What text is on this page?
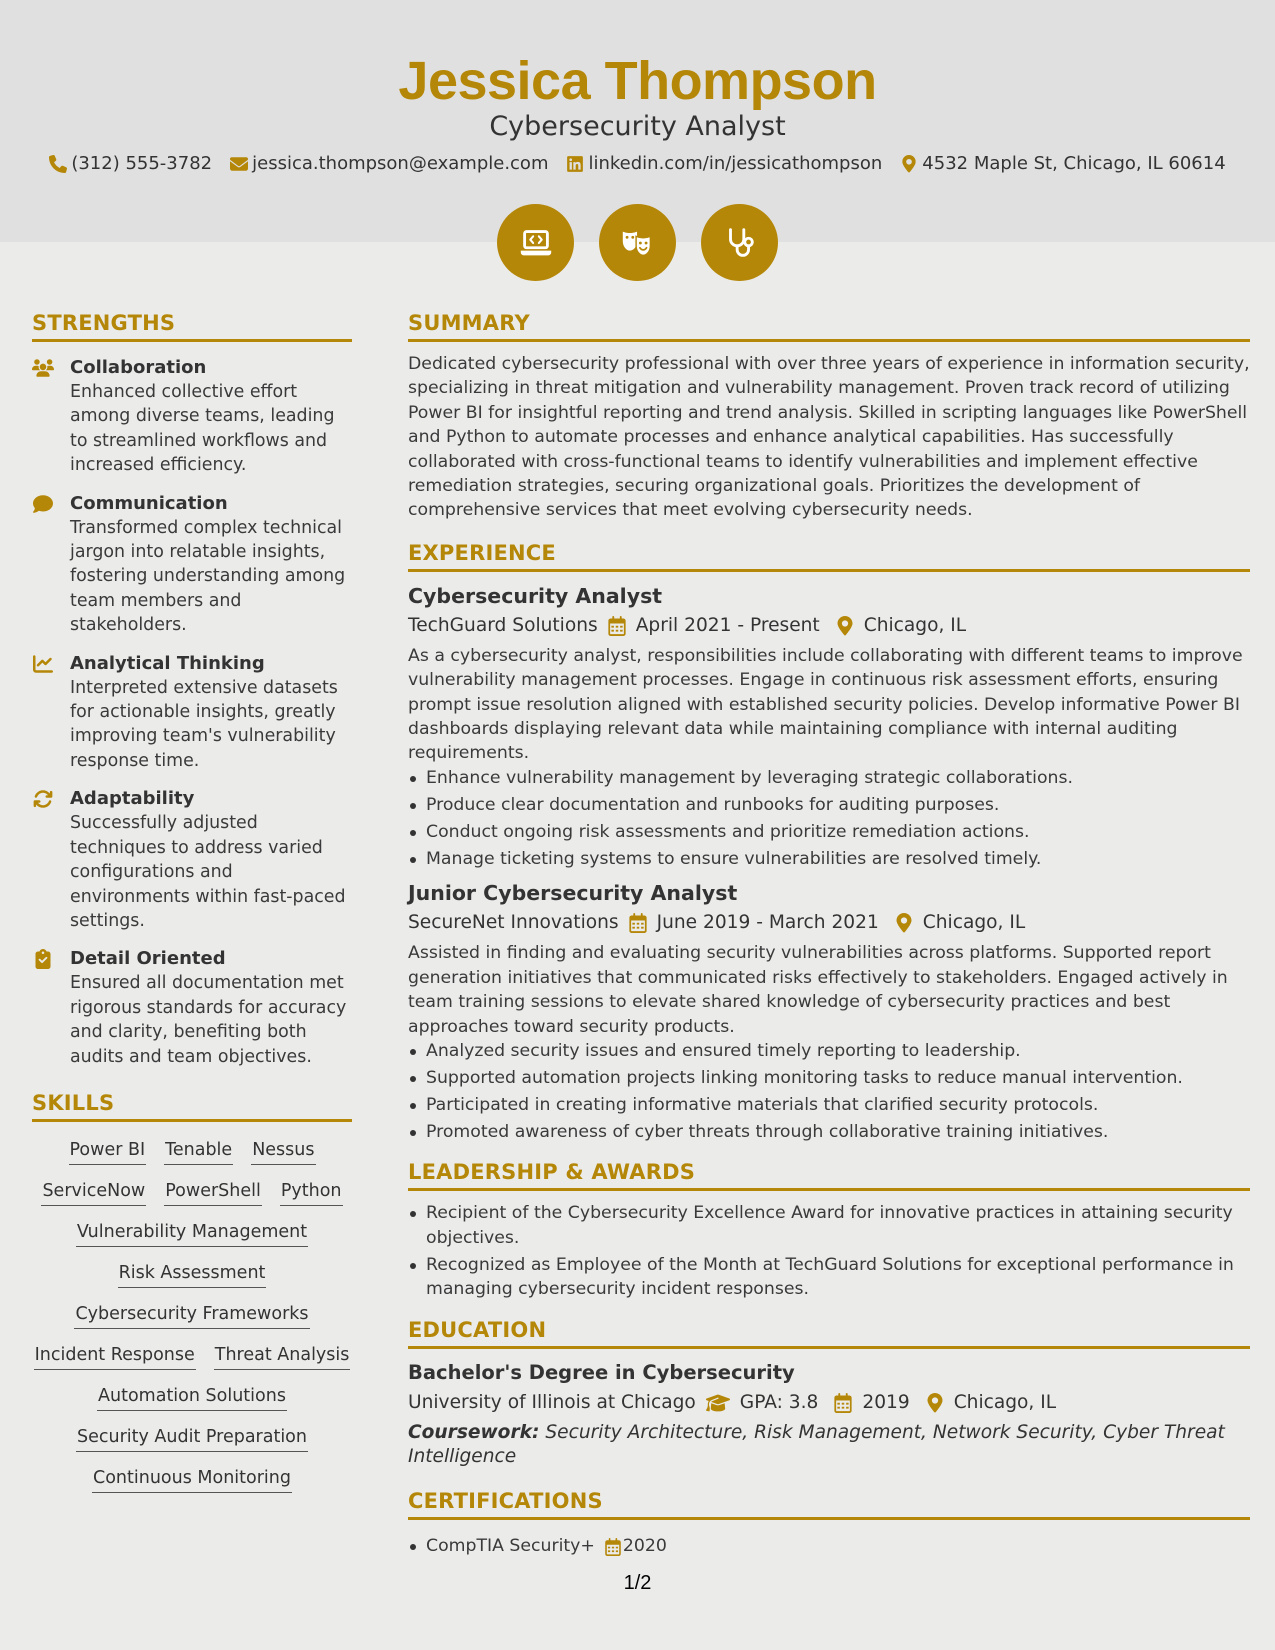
Jessica Thompson
Cybersecurity Analyst
(312) 555-3782 jessica.thompson@example.com linkedin.com/in/jessicathompson 4532 Maple St, Chicago, IL 60614
STRENGTHS
Collaboration
Enhanced collective effort among diverse teams, leading to streamlined workflows and increased efficiency.
Communication
Transformed complex technical jargon into relatable insights, fostering understanding among team members and stakeholders.
Analytical Thinking
Interpreted extensive datasets for actionable insights, greatly improving team's vulnerability response time.
Adaptability
Successfully adjusted techniques to address varied configurations and environments within fast-paced settings.
Detail Oriented
Ensured all documentation met rigorous standards for accuracy and clarity, benefiting both audits and team objectives.
SKILLS
Power BI Tenable Nessus
ServiceNow PowerShell Python
Vulnerability Management
Risk Assessment
Cybersecurity Frameworks
Incident Response Threat Analysis
Automation Solutions
Security Audit Preparation
Continuous Monitoring
SUMMARY
Dedicated cybersecurity professional with over three years of experience in information security, specializing in threat mitigation and vulnerability management. Proven track record of utilizing Power BI for insightful reporting and trend analysis. Skilled in scripting languages like PowerShell and Python to automate processes and enhance analytical capabilities. Has successfully collaborated with cross-functional teams to identify vulnerabilities and implement effective remediation strategies, securing organizational goals. Prioritizes the development of comprehensive services that meet evolving cybersecurity needs.
EXPERIENCE
Cybersecurity Analyst
TechGuard Solutions April 2021 - Present Chicago, IL
As a cybersecurity analyst, responsibilities include collaborating with different teams to improve vulnerability management processes. Engage in continuous risk assessment efforts, ensuring prompt issue resolution aligned with established security policies. Develop informative Power BI dashboards displaying relevant data while maintaining compliance with internal auditing requirements.
Enhance vulnerability management by leveraging strategic collaborations.
Produce clear documentation and runbooks for auditing purposes.
Conduct ongoing risk assessments and prioritize remediation actions.
Manage ticketing systems to ensure vulnerabilities are resolved timely.
Junior Cybersecurity Analyst
SecureNet Innovations June 2019 - March 2021 Chicago, IL
Assisted in finding and evaluating security vulnerabilities across platforms. Supported report generation initiatives that communicated risks effectively to stakeholders. Engaged actively in team training sessions to elevate shared knowledge of cybersecurity practices and best approaches toward security products.
Analyzed security issues and ensured timely reporting to leadership.
Supported automation projects linking monitoring tasks to reduce manual intervention.
Participated in creating informative materials that clarified security protocols.
Promoted awareness of cyber threats through collaborative training initiatives.
LEADERSHIP & AWARDS
Recipient of the Cybersecurity Excellence Award for innovative practices in attaining security objectives.
Recognized as Employee of the Month at TechGuard Solutions for exceptional performance in managing cybersecurity incident responses.
EDUCATION
Bachelor's Degree in Cybersecurity
University of Illinois at Chicago GPA: 3.8 2019 Chicago, IL
Coursework: Security Architecture, Risk Management, Network Security, Cyber Threat Intelligence
CERTIFICATIONS
CompTIA Security+ 2020
1/2
